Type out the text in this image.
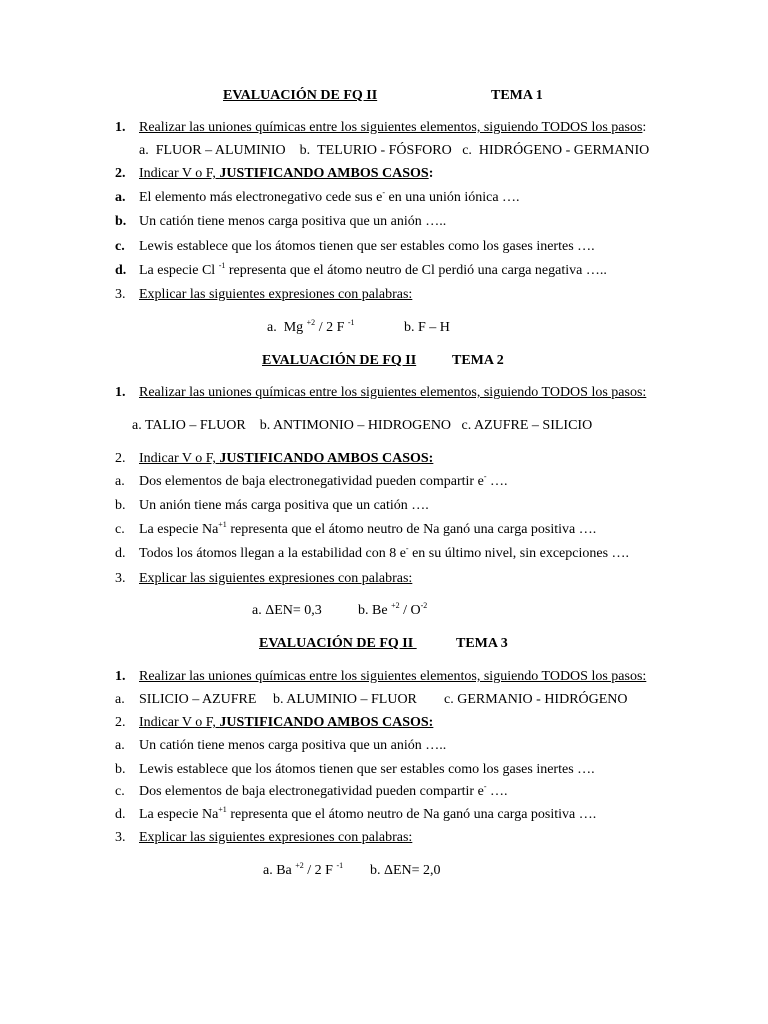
EVALUACIÓN DE FQ II	TEMA 1
1. Realizar las uniones químicas entre los siguientes elementos, siguiendo TODOS los pasos:
a. FLUOR – ALUMINIO b. TELURIO - FÓSFORO c. HIDRÓGENO - GERMANIO
2. Indicar V o F, JUSTIFICANDO AMBOS CASOS:
a. El elemento más electronegativo cede sus e- en una unión iónica ….
b. Un catión tiene menos carga positiva que un anión …..
c. Lewis establece que los átomos tienen que ser estables como los gases inertes ….
d. La especie Cl $^{-1}$ representa que el átomo neutro de Cl perdió una carga negativa …..
3. Explicar las siguientes expresiones con palabras:
a. Mg $^{+2}$ / 2 F $^{-1}$	b. F – H
EVALUACIÓN DE FQ II	TEMA 2
1. Realizar las uniones químicas entre los siguientes elementos, siguiendo TODOS los pasos:
a. TALIO – FLUOR    b. ANTIMONIO – HIDROGENO   c. AZUFRE – SILICIO
2. Indicar V o F, JUSTIFICANDO AMBOS CASOS:
a. Dos elementos de baja electronegatividad pueden compartir e- ….
b. Un anión tiene más carga positiva que un catión ….
c. La especie $Na^{+1}$ representa que el átomo neutro de Na ganó una carga positiva ….
d. Todos los átomos llegan a la estabilidad con 8 e- en su último nivel, sin excepciones ….
3. Explicar las siguientes expresiones con palabras:
a. ΔEN= 0,3	b. Be $^{+2} / O^{-2}$
EVALUACIÓN DE FQ II	TEMA 3
1. Realizar las uniones químicas entre los siguientes elementos, siguiendo TODOS los pasos:
a. SILICIO – AZUFRE b. ALUMINIO – FLUOR c. GERMANIO - HIDRÓGENO
2. Indicar V o F, JUSTIFICANDO AMBOS CASOS:
a. Un catión tiene menos carga positiva que un anión …..
b. Lewis establece que los átomos tienen que ser estables como los gases inertes ….
c. Dos elementos de baja electronegatividad pueden compartir e- ….
d. La especie $Na^{+1}$ representa que el átomo neutro de Na ganó una carga positiva ….
3. Explicar las siguientes expresiones con palabras:
a. Ba $^{+2}$ / 2 F $^{-1}$ b. ΔEN= 2,0
